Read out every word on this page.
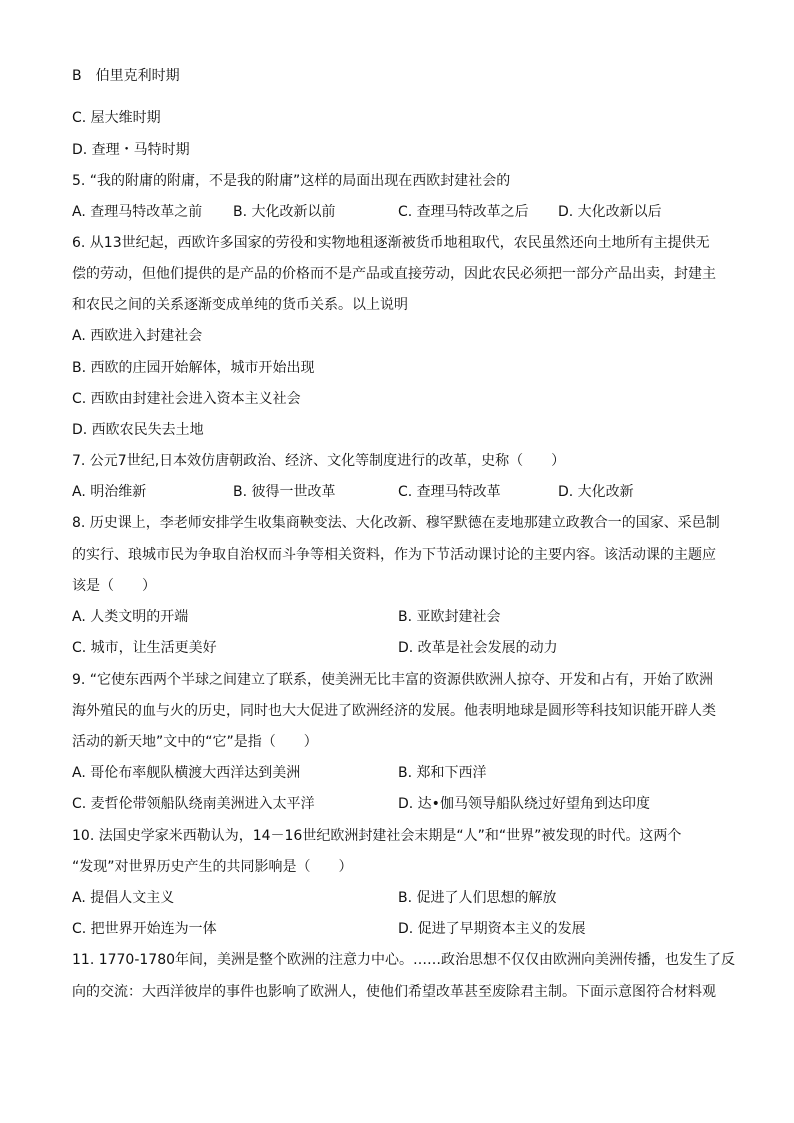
B　伯里克利时期
C. 屋大维时期
D. 查理・马特时期
5. “我的附庸的附庸，不是我的附庸”这样的局面出现在西欧封建社会的
A. 查理马特改革之前 B. 大化改新以前	C. 查理马特改革之后 D. 大化改新以后
6. 从13世纪起，西欧许多国家的劳役和实物地租逐渐被货币地租取代，农民虽然还向土地所有主提供无
偿的劳动，但他们提供的是产品的价格而不是产品或直接劳动，因此农民必须把一部分产品出卖，封建主
和农民之间的关系逐渐变成单纯的货币关系。以上说明
A. 西欧进入封建社会
B. 西欧的庄园开始解体，城市开始出现
C. 西欧由封建社会进入资本主义社会
D. 西欧农民失去土地
7. 公元7世纪,日本效仿唐朝政治、经济、文化等制度进行的改革，史称（　　）
A. 明治维新	B. 彼得一世改革	C. 查理马特改革	D. 大化改新
8. 历史课上，李老师安排学生收集商鞅变法、大化改新、穆罕默德在麦地那建立政教合一的国家、采邑制
的实行、琅城市民为争取自治权而斗争等相关资料，作为下节活动课讨论的主要内容。该活动课的主题应
该是（　　）
A. 人类文明的开端	B. 亚欧封建社会
C. 城市，让生活更美好	D. 改革是社会发展的动力
9. “它使东西两个半球之间建立了联系，使美洲无比丰富的资源供欧洲人掠夺、开发和占有，开始了欧洲
海外殖民的血与火的历史，同时也大大促进了欧洲经济的发展。他表明地球是圆形等科技知识能开辟人类
活动的新天地”文中的“它”是指（　　）
A. 哥伦布率舰队横渡大西洋达到美洲	B. 郑和下西洋
C. 麦哲伦带领船队绕南美洲进入太平洋	D. 达•伽马领导船队绕过好望角到达印度
10. 法国史学家米西勒认为，14－16世纪欧洲封建社会末期是“人”和“世界”被发现的时代。这两个
“发现”对世界历史产生的共同影响是（　　）
A. 提倡人文主义	B. 促进了人们思想的解放
C. 把世界开始连为一体	D. 促进了早期资本主义的发展
11. 1770-1780年间，美洲是整个欧洲的注意力中心。……政治思想不仅仅由欧洲向美洲传播，也发生了反
向的交流：大西洋彼岸的事件也影响了欧洲人，使他们希望改革甚至废除君主制。下面示意图符合材料观
